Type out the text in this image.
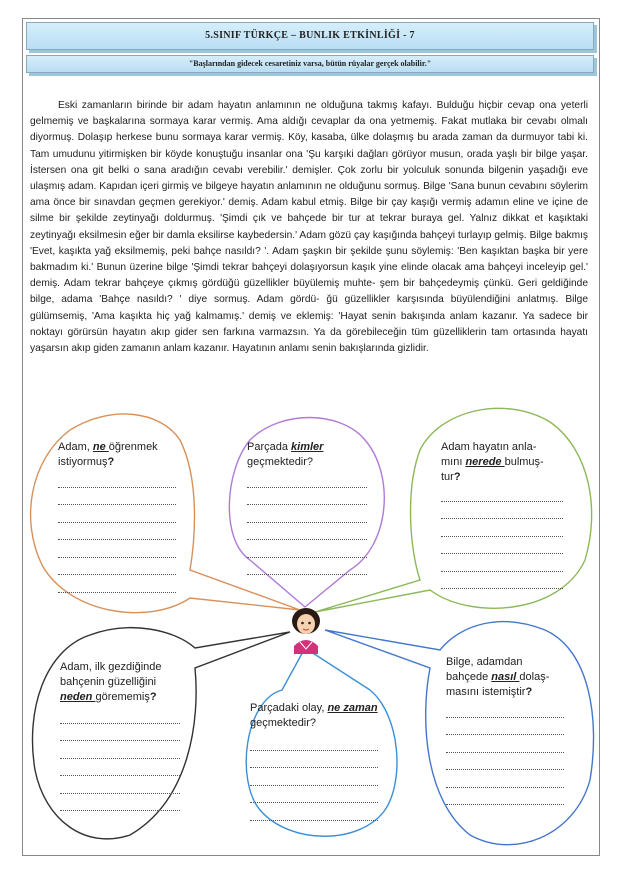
5.SINIF TÜRKÇE – BUNLIK ETKİNLİĞİ - 7
"Başlarından gidecek cesaretiniz varsa, bütün rüyalar gerçek olabilir."

Eski zamanların birinde bir adam hayatın anlamının ne olduğuna takmış kafayı. Bulduğu hiçbir cevap ona yeterli gelmemiş ve başkalarına sormaya karar vermiş. Ama aldığı cevaplar da ona yetmemiş. Fakat mutlaka bir cevabı olmalı diyormuş. Dolaşıp herkese bunu sormaya karar vermiş. Köy, kasaba, ülke dolaşmış bu arada zaman da durmuyor tabi ki. Tam umudunu yitirmişken bir köyde konuştuğu insanlar ona 'Şu karşıki dağları görüyor musun, orada yaşlı bir bilge yaşar. İstersen ona git belki o sana aradığın cevabı verebilir.' demişler. Çok zorlu bir yolculuk sonunda bilgenin yaşadığı eve ulaşmış adam. Kapıdan içeri girmiş ve bilgeye hayatın anlamının ne olduğunu sormuş. Bilge 'Sana bunun cevabını söylerim ama önce bir sınavdan geçmen gerekiyor.' demiş. Adam kabul etmiş. Bilge bir çay kaşığı vermiş adamın eline ve içine de silme bir şekilde zeytinyağı doldurmuş. 'Şimdi çık ve bahçede bir tur at tekrar buraya gel. Yalnız dikkat et kaşıktaki zeytinyağı eksilmesin eğer bir damla eksilirse kaybedersin.' Adam gözü çay kaşığında bahçeyi turlayıp gelmiş. Bilge bakmış 'Evet, kaşıkta yağ eksilmemiş, peki bahçe nasıldı? '. Adam şaşkın bir şekilde şunu söylemiş: 'Ben kaşıktan başka bir yere bakmadım ki.' Bunun üzerine bilge 'Şimdi tekrar bahçeyi dolaşıyorsun kaşık yine elinde olacak ama bahçeyi inceleyip gel.' demiş. Adam tekrar bahçeye çıkmış gördüğü güzellikler büyülemiş muhte- şem bir bahçedeymiş çünkü. Geri geldiğinde bilge, adama 'Bahçe nasıldı? ' diye sormuş. Adam gördü- ğü güzellikler karşısında büyülendiğini anlatmış. Bilge gülümsemiş, 'Ama kaşıkta hiç yağ kalmamış.' demiş ve eklemiş: 'Hayat senin bakışında anlam kazanır. Ya sadece bir noktayı görürsün hayatın akıp gider sen farkına varmazsın. Ya da görebileceğin tüm güzelliklerin tam ortasında hayatı yaşarsın akıp giden zamanın anlam kazanır. Hayatının anlamı senin bakışlarında gizlidir.

Adam, ne öğrenmek istiyormuş?
Parçada kimler geçmektedir?
Adam hayatın anla-mını nerede bulmuş-tur?
Adam, ilk gezdiğinde bahçenin güzelliğini neden görememiş?
Parçadaki olay, ne zaman geçmektedir?
Bilge, adamdan bahçede nasıl dolaş-masını istemiştir?
